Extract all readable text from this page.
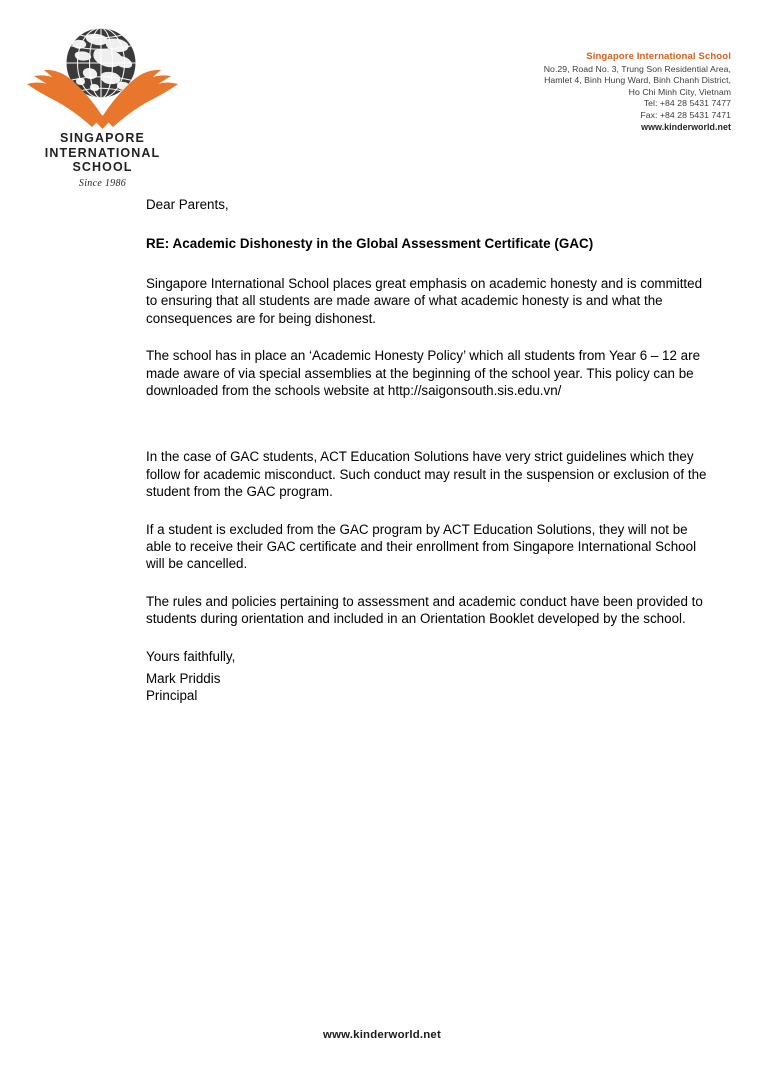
SINGAPORE
INTERNATIONAL
SCHOOL
Since 1986
Singapore International School
No.29, Road No. 3, Trung Son Residential Area,
Hamlet 4, Binh Hung Ward, Binh Chanh District,
Ho Chi Minh City, Vietnam
Tel: +84 28 5431 7477
Fax: +84 28 5431 7471
www.kinderworld.net

Dear Parents,

RE: Academic Dishonesty in the Global Assessment Certificate (GAC)

Singapore International School places great emphasis on academic honesty and is committed to ensuring that all students are made aware of what academic honesty is and what the consequences are for being dishonest.

The school has in place an ‘Academic Honesty Policy’ which all students from Year 6 – 12 are made aware of via special assemblies at the beginning of the school year. This policy can be downloaded from the schools website at http://saigonsouth.sis.edu.vn/

In the case of GAC students, ACT Education Solutions have very strict guidelines which they follow for academic misconduct. Such conduct may result in the suspension or exclusion of the student from the GAC program.

If a student is excluded from the GAC program by ACT Education Solutions, they will not be able to receive their GAC certificate and their enrollment from Singapore International School will be cancelled.

The rules and policies pertaining to assessment and academic conduct have been provided to students during orientation and included in an Orientation Booklet developed by the school.

Yours faithfully,

Mark Priddis
Principal
www.kinderworld.net
